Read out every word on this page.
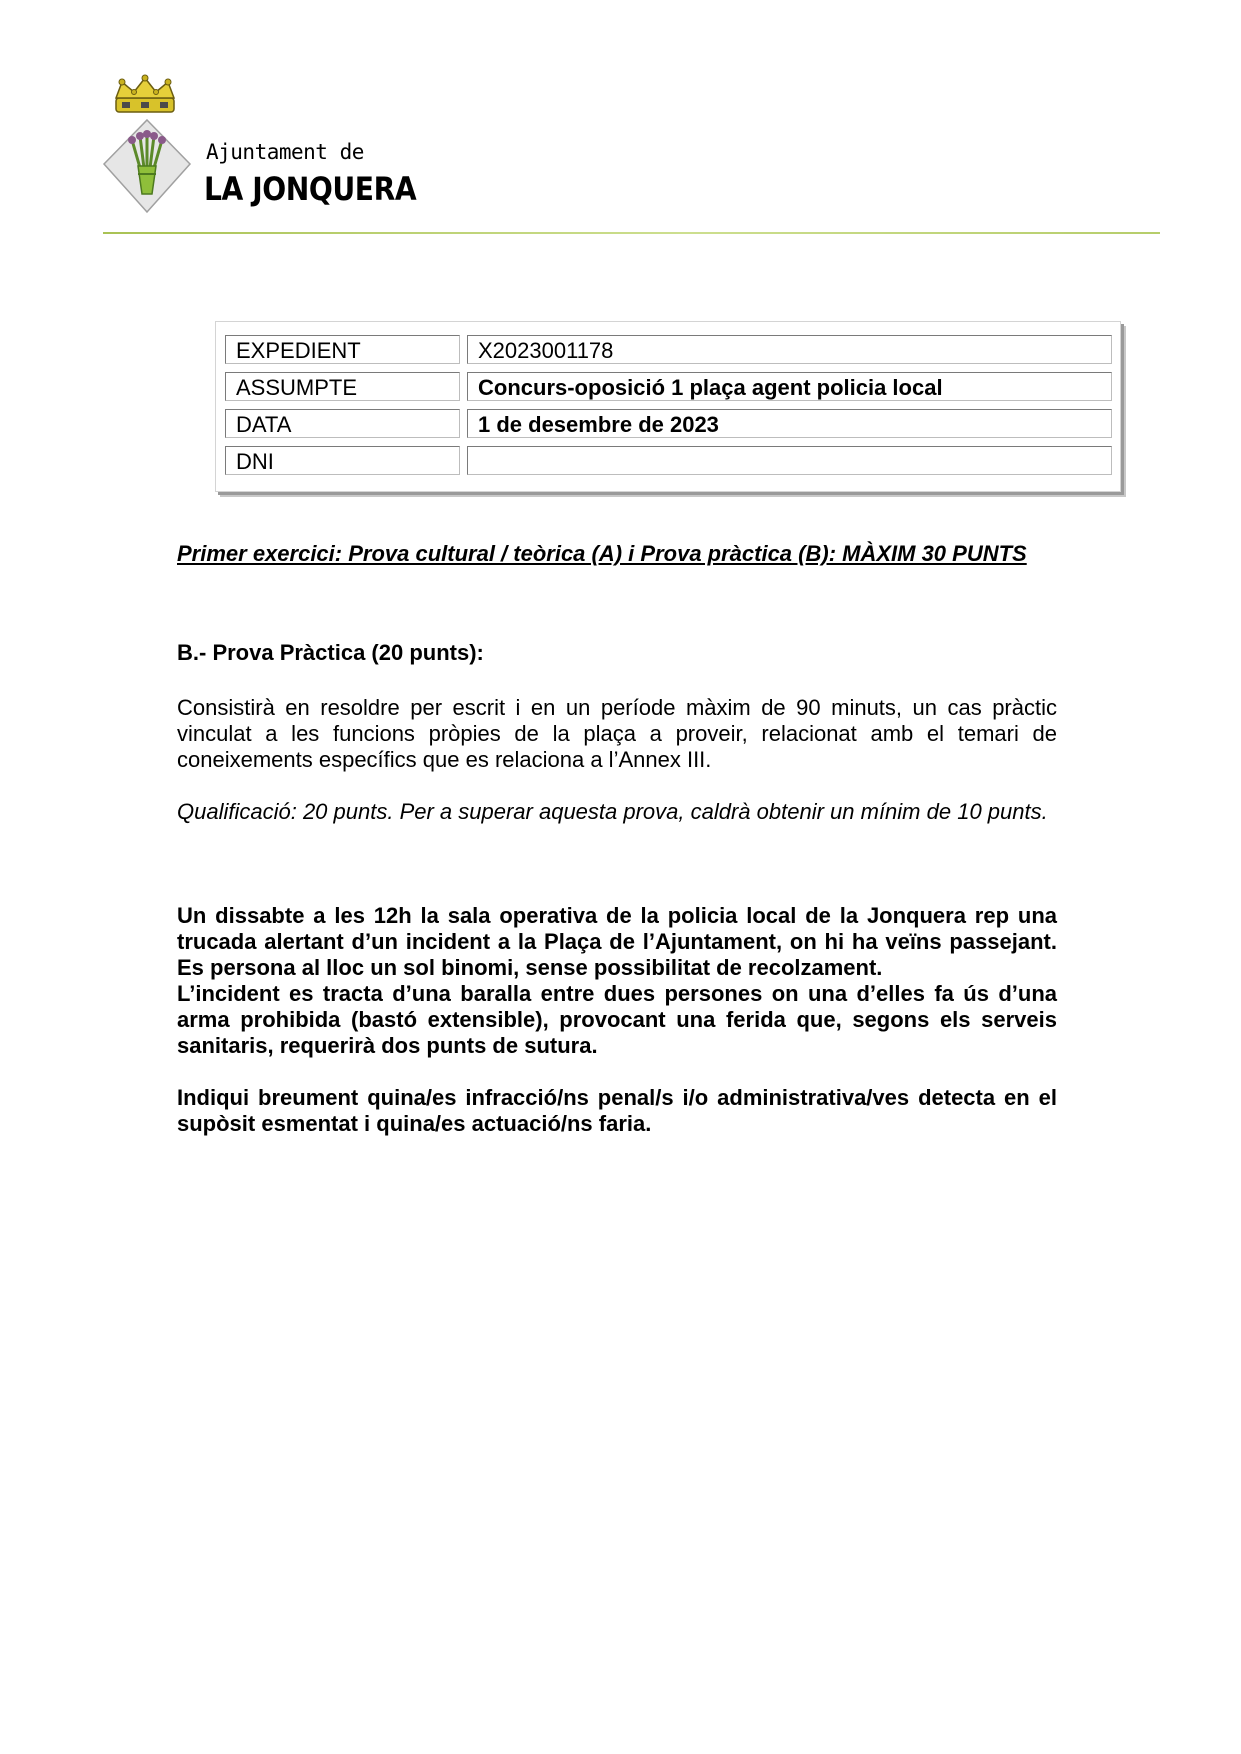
Ajuntament de
LA JONQUERA
EXPEDIENT	X2023001178
ASSUMPTE	Concurs-oposició 1 plaça agent policia local
DATA	1 de desembre de 2023
DNI
Primer exercici: Prova cultural / teòrica (A) i Prova pràctica (B): MÀXIM 30 PUNTS
B.- Prova Pràctica (20 punts):
Consistirà en resoldre per escrit i en un període màxim de 90 minuts, un cas pràctic vinculat a les funcions pròpies de la plaça a proveir, relacionat amb el temari de coneixements específics que es relaciona a l’Annex III.
Qualificació: 20 punts. Per a superar aquesta prova, caldrà obtenir un mínim de 10 punts.
Un dissabte a les 12h la sala operativa de la policia local de la Jonquera rep una trucada alertant d’un incident a la Plaça de l’Ajuntament, on hi ha veïns passejant. Es persona al lloc un sol binomi, sense possibilitat de recolzament.
L’incident es tracta d’una baralla entre dues persones on una d’elles fa ús d’una arma prohibida (bastó extensible), provocant una ferida que, segons els serveis sanitaris, requerirà dos punts de sutura.
Indiqui breument quina/es infracció/ns penal/s i/o administrativa/ves detecta en el supòsit esmentat i quina/es actuació/ns faria.
